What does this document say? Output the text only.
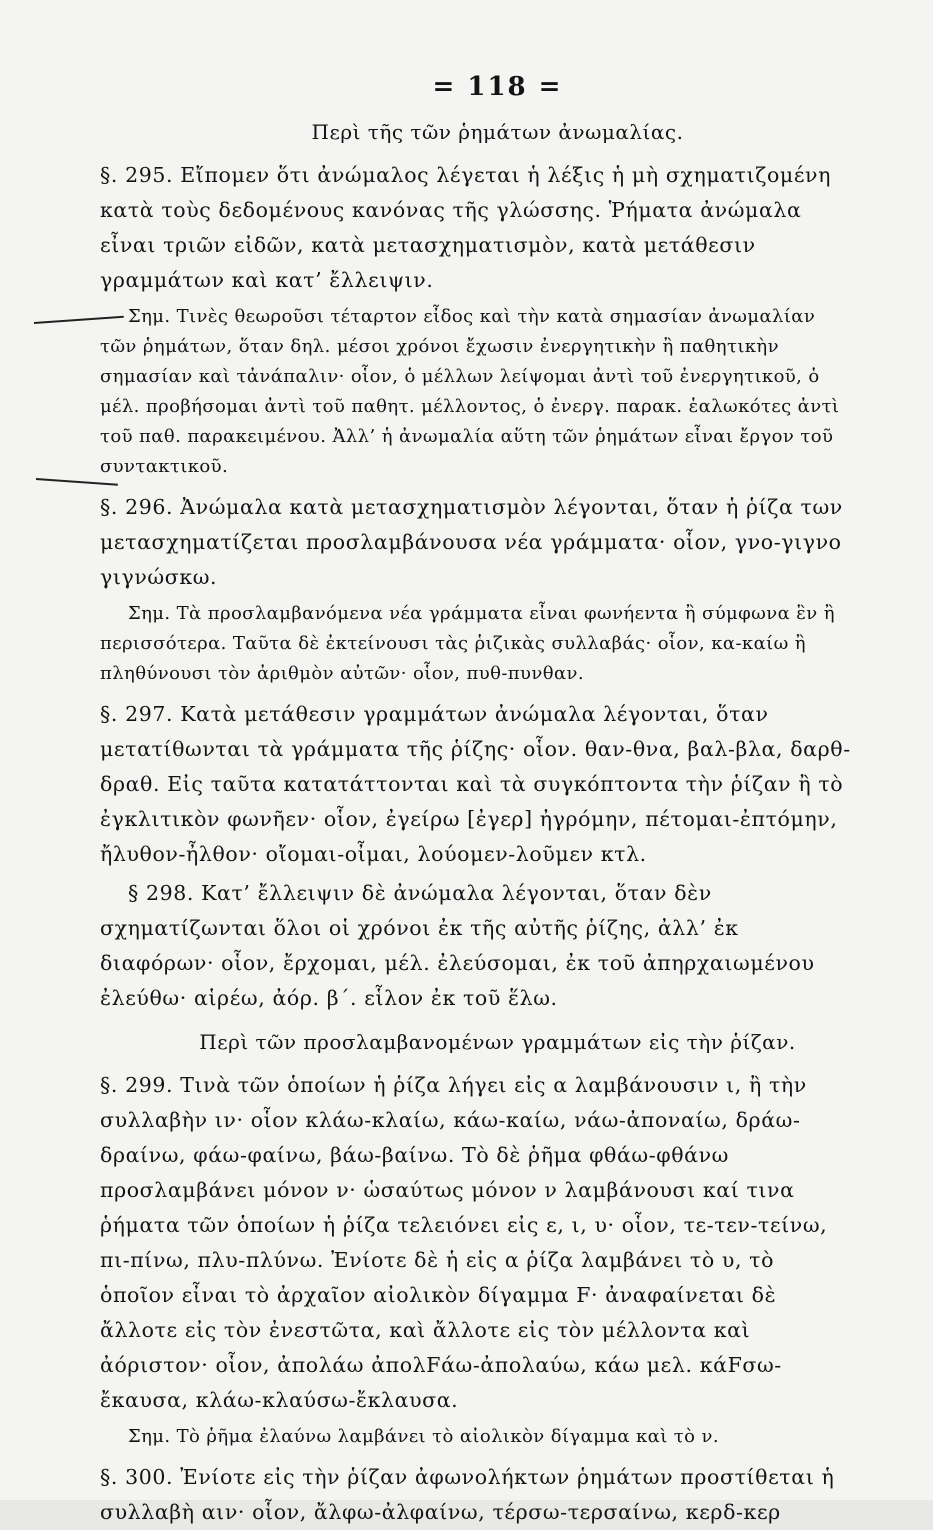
= 118 =
Περὶ τῆς τῶν ῥημάτων ἀνωμαλίας.

§. 295. Εἴπομεν ὅτι ἀνώμαλος λέγεται ἡ λέξις ἡ μὴ σχηματιζομένη κατὰ τοὺς δεδομένους κανόνας τῆς γλώσσης. Ῥήματα ἀνώμαλα εἶναι τριῶν εἰδῶν, κατὰ μετασχηματισμὸν, κατὰ μετάθεσιν γραμμάτων καὶ κατ’ ἔλλειψιν.

Σημ. Τινὲς θεωροῦσι τέταρτον εἶδος καὶ τὴν κατὰ σημασίαν ἀνωμαλίαν τῶν ῥημάτων, ὅταν δηλ. μέσοι χρόνοι ἔχωσιν ἐνεργητικὴν ἢ παθητικὴν σημασίαν καὶ τἀνάπαλιν· οἷον, ὁ μέλλων λείψομαι ἀντὶ τοῦ ἐνεργητικοῦ, ὁ μέλ. προβήσομαι ἀντὶ τοῦ παθητ. μέλλοντος, ὁ ἐνεργ. παρακ. ἑαλωκότες ἀντὶ τοῦ παθ. παρακειμένου. Ἀλλ’ ἡ ἀνωμαλία αὕτη τῶν ῥημάτων εἶναι ἔργον τοῦ συντακτικοῦ.

§. 296. Ἀνώμαλα κατὰ μετασχηματισμὸν λέγονται, ὅταν ἡ ῥίζα των μετασχηματίζεται προσλαμβάνουσα νέα γράμματα· οἷον, γνο-γιγνο γιγνώσκω.

Σημ. Τὰ προσλαμβανόμενα νέα γράμματα εἶναι φωνήεντα ἢ σύμφωνα ἓν ἢ περισσότερα. Ταῦτα δὲ ἐκτείνουσι τὰς ῥιζικὰς συλλαβάς· οἷον, κα-καίω ἢ πληθύνουσι τὸν ἀριθμὸν αὐτῶν· οἷον, πυθ-πυνθαν.

§. 297. Κατὰ μετάθεσιν γραμμάτων ἀνώμαλα λέγονται, ὅταν μετατίθωνται τὰ γράμματα τῆς ῥίζης· οἷον. θαν-θνα, βαλ-βλα, δαρθ-δραθ. Εἰς ταῦτα κατατάττονται καὶ τὰ συγκόπτοντα τὴν ῥίζαν ἢ τὸ ἐγκλιτικὸν φωνῆεν· οἷον, ἐγείρω [ἐγερ] ἠγρόμην, πέτομαι-ἐπτόμην, ἤλυθον-ἦλθον· οἴομαι-οἶμαι, λούομεν-λοῦμεν κτλ.

§ 298. Κατ’ ἔλλειψιν δὲ ἀνώμαλα λέγονται, ὅταν δὲν σχηματίζωνται ὅλοι οἱ χρόνοι ἐκ τῆς αὐτῆς ῥίζης, ἀλλ’ ἐκ διαφόρων· οἷον, ἔρχομαι, μέλ. ἐλεύσομαι, ἐκ τοῦ ἀπηρχαιωμένου ἐλεύθω· αἱρέω, ἀόρ. β΄. εἷλον ἐκ τοῦ ἕλω.

Περὶ τῶν προσλαμβανομένων γραμμάτων εἰς τὴν ῥίζαν.

§. 299. Τινὰ τῶν ὁποίων ἡ ῥίζα λήγει εἰς α λαμβάνουσιν ι, ἢ τὴν συλλαβὴν ιν· οἷον κλάω-κλαίω, κάω-καίω, νάω-ἀποναίω, δράω-δραίνω, φάω-φαίνω, βάω-βαίνω. Τὸ δὲ ῥῆμα φθάω-φθάνω προσλαμβάνει μόνον ν· ὡσαύτως μόνον ν λαμβάνουσι καί τινα ῥήματα τῶν ὁποίων ἡ ῥίζα τελειόνει εἰς ε, ι, υ· οἷον, τε-τεν-τείνω, πι-πίνω, πλυ-πλύνω. Ἐνίοτε δὲ ἡ εἰς α ῥίζα λαμβάνει τὸ υ, τὸ ὁποῖον εἶναι τὸ ἀρχαῖον αἰολικὸν δίγαμμα F· ἀναφαίνεται δὲ ἄλλοτε εἰς τὸν ἐνεστῶτα, καὶ ἄλλοτε εἰς τὸν μέλλοντα καὶ ἀόριστον· οἷον, ἀπολάω ἀπολFάω-ἀπολαύω, κάω μελ. κάFσω-ἔκαυσα, κλάω-κλαύσω-ἔκλαυσα.

Σημ. Τὸ ῥῆμα ἐλαύνω λαμβάνει τὸ αἰολικὸν δίγαμμα καὶ τὸ ν.

§. 300. Ἐνίοτε εἰς τὴν ῥίζαν ἀφωνολήκτων ῥημάτων προστίθεται ἡ συλλαβὴ αιν· οἷον, ἄλφω-ἀλφαίνω, τέρσω-τερσαίνω, κερδ-κερ
